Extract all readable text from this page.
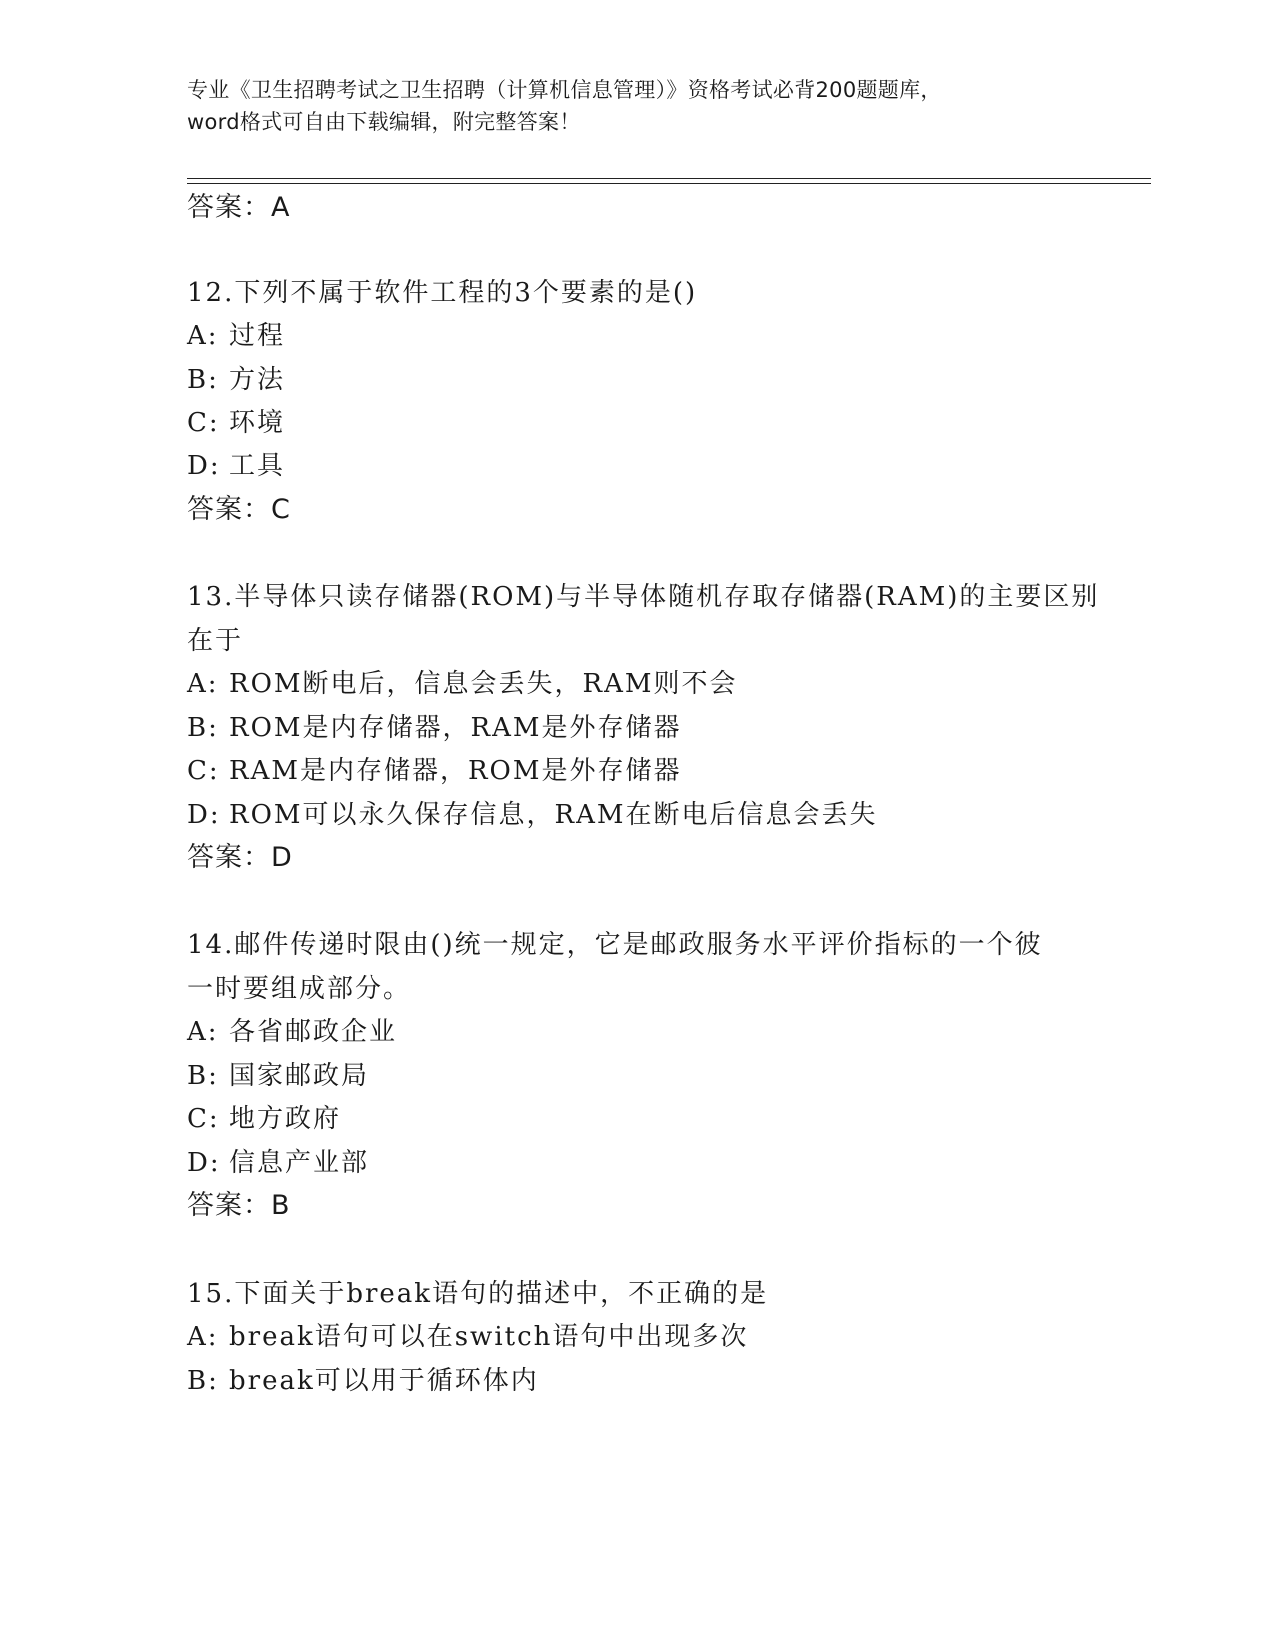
专业《卫生招聘考试之卫生招聘（计算机信息管理）》资格考试必背200题题库，
word格式可自由下载编辑，附完整答案！
答案：A
12.下列不属于软件工程的3个要素的是()
A: 过程
B: 方法
C: 环境
D: 工具
答案：C
13.半导体只读存储器(ROM)与半导体随机存取存储器(RAM)的主要区别
在于
A: ROM断电后，信息会丢失，RAM则不会
B: ROM是内存储器，RAM是外存储器
C: RAM是内存储器，ROM是外存储器
D: ROM可以永久保存信息，RAM在断电后信息会丢失
答案：D
14.邮件传递时限由()统一规定，它是邮政服务水平评价指标的一个彼
一时要组成部分。
A: 各省邮政企业
B: 国家邮政局
C: 地方政府
D: 信息产业部
答案：B
15.下面关于break语句的描述中，不正确的是
A: break语句可以在switch语句中出现多次
B: break可以用于循环体内
